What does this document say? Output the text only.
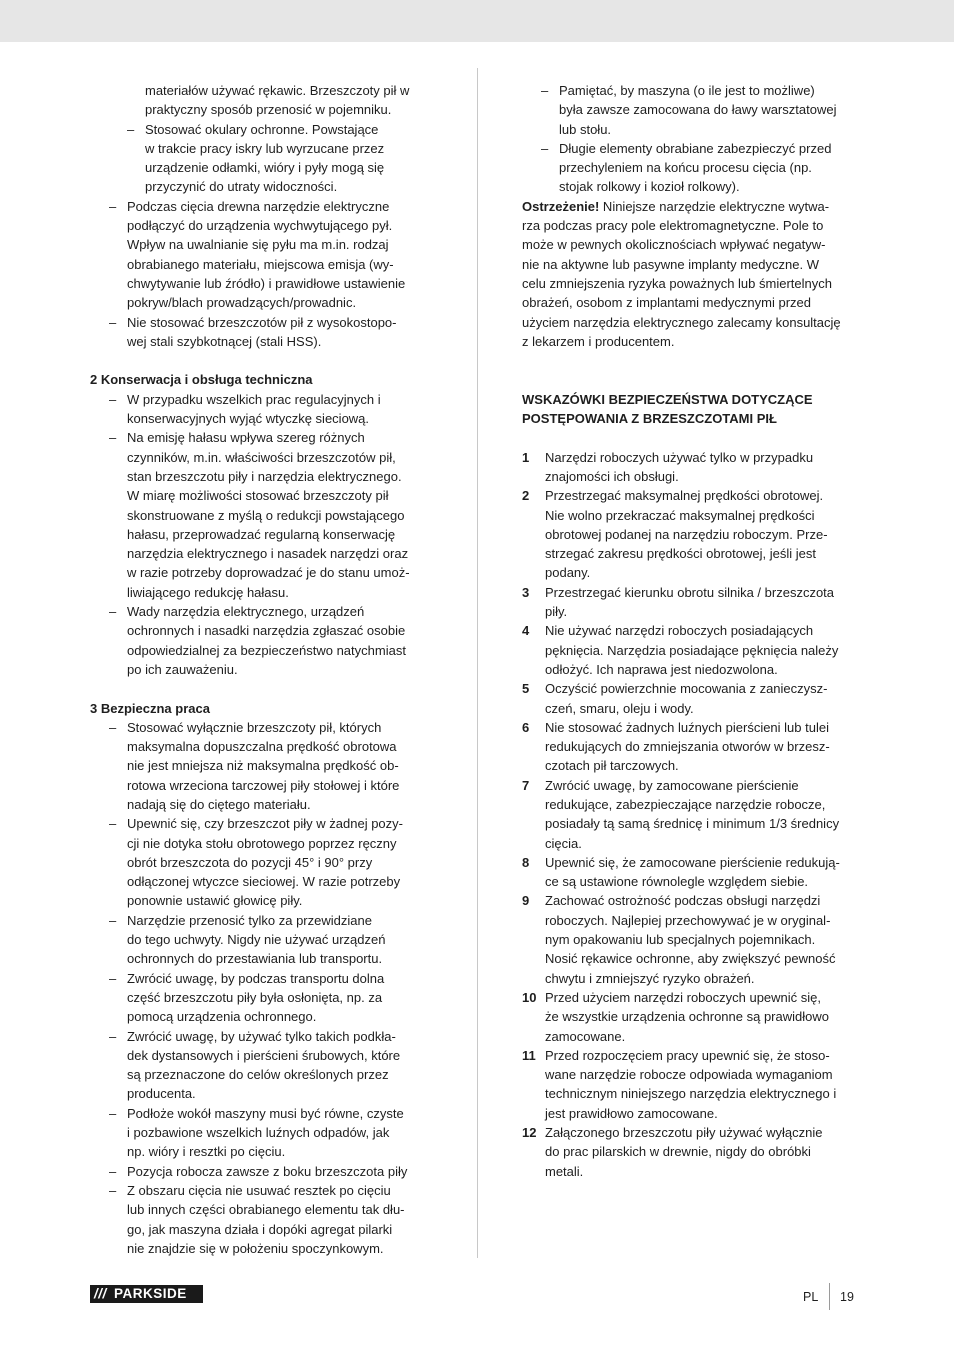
materiałów używać rękawic. Brzeszczoty pił w

praktyczny sposób przenosić w pojemniku.

– Stosować okulary ochronne. Powstające
w trakcie pracy iskry lub wyrzucane przez
urządzenie odłamki, wióry i pyły mogą się
przyczynić do utraty widoczności.
– Podczas cięcia drewna narzędzie elektryczne
podłączyć do urządzenia wychwytującego pył.
Wpływ na uwalnianie się pyłu ma m.in. rodzaj
obrabianego materiału, miejscowa emisja (wy-
chwytywanie lub źródło) i prawidłowe ustawienie
pokryw/blach prowadzących/prowadnic.
– Nie stosować brzeszczotów pił z wysokostopo-
wej stali szybkotnącej (stali HSS).

2 Konserwacja i obsługa techniczna

– W przypadku wszelkich prac regulacyjnych i
konserwacyjnych wyjąć wtyczkę sieciową.
– Na emisję hałasu wpływa szereg różnych
czynników, m.in. właściwości brzeszczotów pił,
stan brzeszczotu piły i narzędzia elektrycznego.
W miarę możliwości stosować brzeszczoty pił
skonstruowane z myślą o redukcji powstającego
hałasu, przeprowadzać regularną konserwację
narzędzia elektrycznego i nasadek narzędzi oraz
w razie potrzeby doprowadzać je do stanu umoż-
liwiającego redukcję hałasu.
– Wady narzędzia elektrycznego, urządzeń
ochronnych i nasadki narzędzia zgłaszać osobie
odpowiedzialnej za bezpieczeństwo natychmiast
po ich zauważeniu.

3 Bezpieczna praca

– Stosować wyłącznie brzeszczoty pił, których
maksymalna dopuszczalna prędkość obrotowa
nie jest mniejsza niż maksymalna prędkość ob-
rotowa wrzeciona tarczowej piły stołowej i które
nadają się do ciętego materiału.
– Upewnić się, czy brzeszczot piły w żadnej pozy-
cji nie dotyka stołu obrotowego poprzez ręczny
obrót brzeszczota do pozycji 45° i 90° przy
odłączonej wtyczce sieciowej. W razie potrzeby
ponownie ustawić głowicę piły.
– Narzędzie przenosić tylko za przewidziane
do tego uchwyty. Nigdy nie używać urządzeń
ochronnych do przestawiania lub transportu.
– Zwrócić uwagę, by podczas transportu dolna
część brzeszczotu piły była osłonięta, np. za
pomocą urządzenia ochronnego.
– Zwrócić uwagę, by używać tylko takich podkła-
dek dystansowych i pierścieni śrubowych, które
są przeznaczone do celów określonych przez
producenta.
– Podłoże wokół maszyny musi być równe, czyste
i pozbawione wszelkich luźnych odpadów, jak
np. wióry i resztki po cięciu.
– Pozycja robocza zawsze z boku brzeszczota piły
– Z obszaru cięcia nie usuwać resztek po cięciu
lub innych części obrabianego elementu tak dłu-
go, jak maszyna działa i dopóki agregat pilarki
nie znajdzie się w położeniu spoczynkowym.
– Pamiętać, by maszyna (o ile jest to możliwe)
była zawsze zamocowana do ławy warsztatowej
lub stołu.
– Długie elementy obrabiane zabezpieczyć przed
przechyleniem na końcu procesu cięcia (np.
stojak rolkowy i kozioł rolkowy).
Ostrzeżenie! Niniejsze narzędzie elektryczne wytwa-
rza podczas pracy pole elektromagnetyczne. Pole to
może w pewnych okolicznościach wpływać negatyw-
nie na aktywne lub pasywne implanty medyczne. W
celu zmniejszenia ryzyka poważnych lub śmiertelnych
obrażeń, osobom z implantami medycznymi przed
użyciem narzędzia elektrycznego zalecamy konsultację
z lekarzem i producentem.

WSKAZÓWKI BEZPIECZEŃSTWA DOTYCZĄCE
POSTĘPOWANIA Z BRZESZCZOTAMI PIŁ

1 Narzędzi roboczych używać tylko w przypadku
znajomości ich obsługi.
2 Przestrzegać maksymalnej prędkości obrotowej.
Nie wolno przekraczać maksymalnej prędkości
obrotowej podanej na narzędziu roboczym. Prze-
strzegać zakresu prędkości obrotowej, jeśli jest
podany.
3 Przestrzegać kierunku obrotu silnika / brzeszczota
piły.
4 Nie używać narzędzi roboczych posiadających
pęknięcia. Narzędzia posiadające pęknięcia należy
odłożyć. Ich naprawa jest niedozwolona.
5 Oczyścić powierzchnie mocowania z zanieczysz-
czeń, smaru, oleju i wody.
6 Nie stosować żadnych luźnych pierścieni lub tulei
redukujących do zmniejszania otworów w brzesz-
czotach pił tarczowych.
7 Zwrócić uwagę, by zamocowane pierścienie
redukujące, zabezpieczające narzędzie robocze,
posiadały tą samą średnicę i minimum 1/3 średnicy
cięcia.
8 Upewnić się, że zamocowane pierścienie redukują-
ce są ustawione równolegle względem siebie.
9 Zachować ostrożność podczas obsługi narzędzi
roboczych. Najlepiej przechowywać je w oryginal-
nym opakowaniu lub specjalnych pojemnikach.
Nosić rękawice ochronne, aby zwiększyć pewność
chwytu i zmniejszyć ryzyko obrażeń.
10 Przed użyciem narzędzi roboczych upewnić się,
że wszystkie urządzenia ochronne są prawidłowo
zamocowane.
11 Przed rozpoczęciem pracy upewnić się, że stoso-
wane narzędzie robocze odpowiada wymaganiom
technicznym niniejszego narzędzia elektrycznego i
jest prawidłowo zamocowane.
12 Załączonego brzeszczotu piły używać wyłącznie
do prac pilarskich w drewnie, nigdy do obróbki
metali.
/// PARKSIDE	PL 19
